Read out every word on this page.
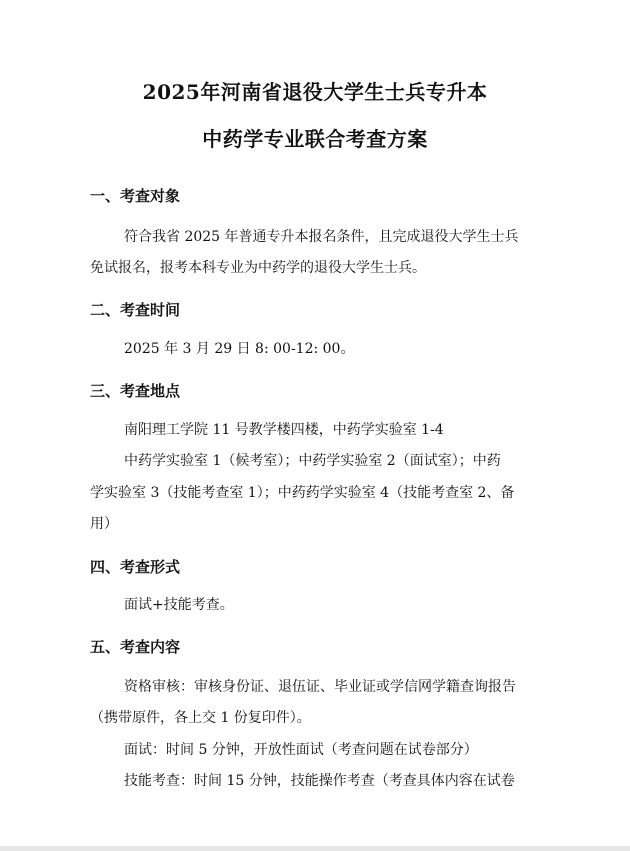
2025年河南省退役大学生士兵专升本
中药学专业联合考查方案
一、考查对象
符合我省 2025 年普通专升本报名条件，且完成退役大学生士兵
免试报名，报考本科专业为中药学的退役大学生士兵。
二、考查时间
2025 年 3 月 29 日 8: 00-12: 00。
三、考查地点
南阳理工学院 11 号教学楼四楼，中药学实验室 1-4
中药学实验室 1（候考室）；中药学实验室 2（面试室）；中药
学实验室 3（技能考查室 1）；中药药学实验室 4（技能考查室 2、备
用）
四、考查形式
面试+技能考查。
五、考查内容
资格审核：审核身份证、退伍证、毕业证或学信网学籍查询报告
（携带原件，各上交 1 份复印件）。
面试：时间 5 分钟，开放性面试（考查问题在试卷部分）
技能考查：时间 15 分钟，技能操作考查（考查具体内容在试卷
